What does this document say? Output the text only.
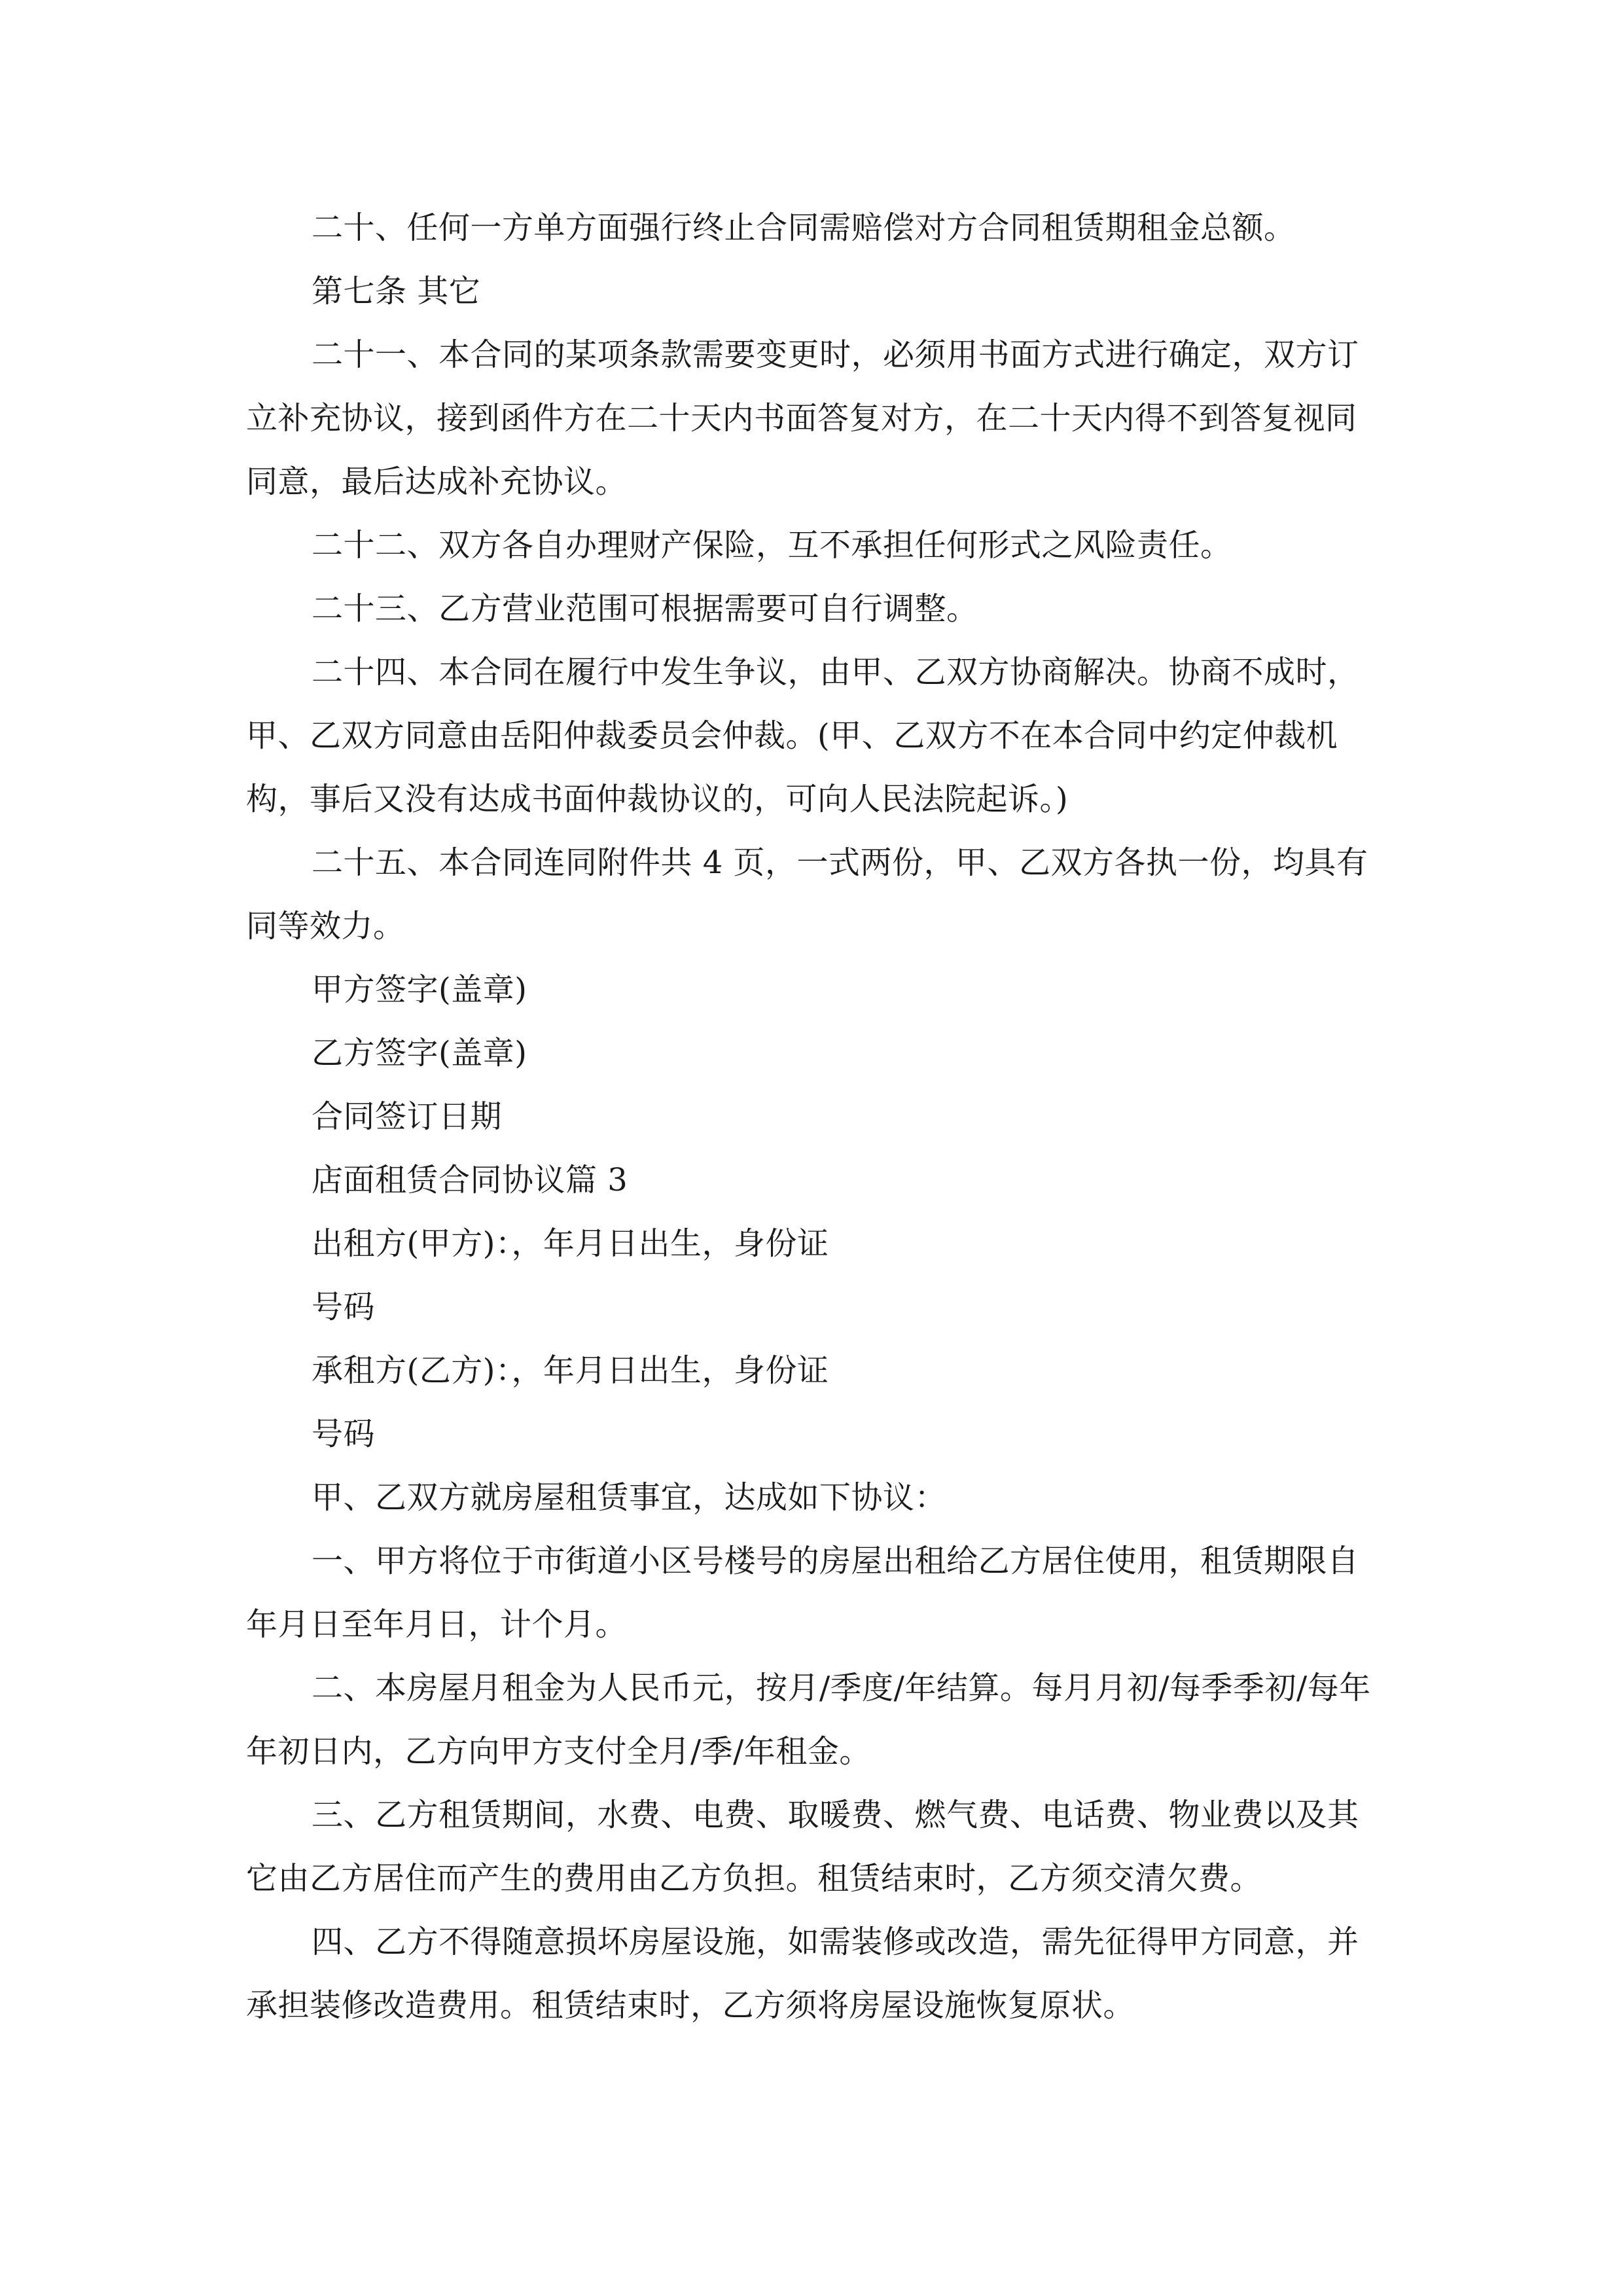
二十、任何一方单方面强行终止合同需赔偿对方合同租赁期租金总额。

第七条 其它

二十一、本合同的某项条款需要变更时，必须用书面方式进行确定，双方订立补充协议，接到函件方在二十天内书面答复对方，在二十天内得不到答复视同同意，最后达成补充协议。

二十二、双方各自办理财产保险，互不承担任何形式之风险责任。

二十三、乙方营业范围可根据需要可自行调整。

二十四、本合同在履行中发生争议，由甲、乙双方协商解决。协商不成时，甲、乙双方同意由岳阳仲裁委员会仲裁。(甲、乙双方不在本合同中约定仲裁机构，事后又没有达成书面仲裁协议的，可向人民法院起诉。)

二十五、本合同连同附件共 4 页，一式两份，甲、乙双方各执一份，均具有同等效力。

甲方签字(盖章)

乙方签字(盖章)

合同签订日期

店面租赁合同协议篇 3

出租方(甲方)：，年月日出生，身份证

号码

承租方(乙方)：，年月日出生，身份证

号码

甲、乙双方就房屋租赁事宜，达成如下协议：

一、甲方将位于市街道小区号楼号的房屋出租给乙方居住使用，租赁期限自年月日至年月日，计个月。

二、本房屋月租金为人民币元，按月/季度/年结算。每月月初/每季季初/每年年初日内，乙方向甲方支付全月/季/年租金。

三、乙方租赁期间，水费、电费、取暖费、燃气费、电话费、物业费以及其它由乙方居住而产生的费用由乙方负担。租赁结束时，乙方须交清欠费。

四、乙方不得随意损坏房屋设施，如需装修或改造，需先征得甲方同意，并承担装修改造费用。租赁结束时，乙方须将房屋设施恢复原状。
